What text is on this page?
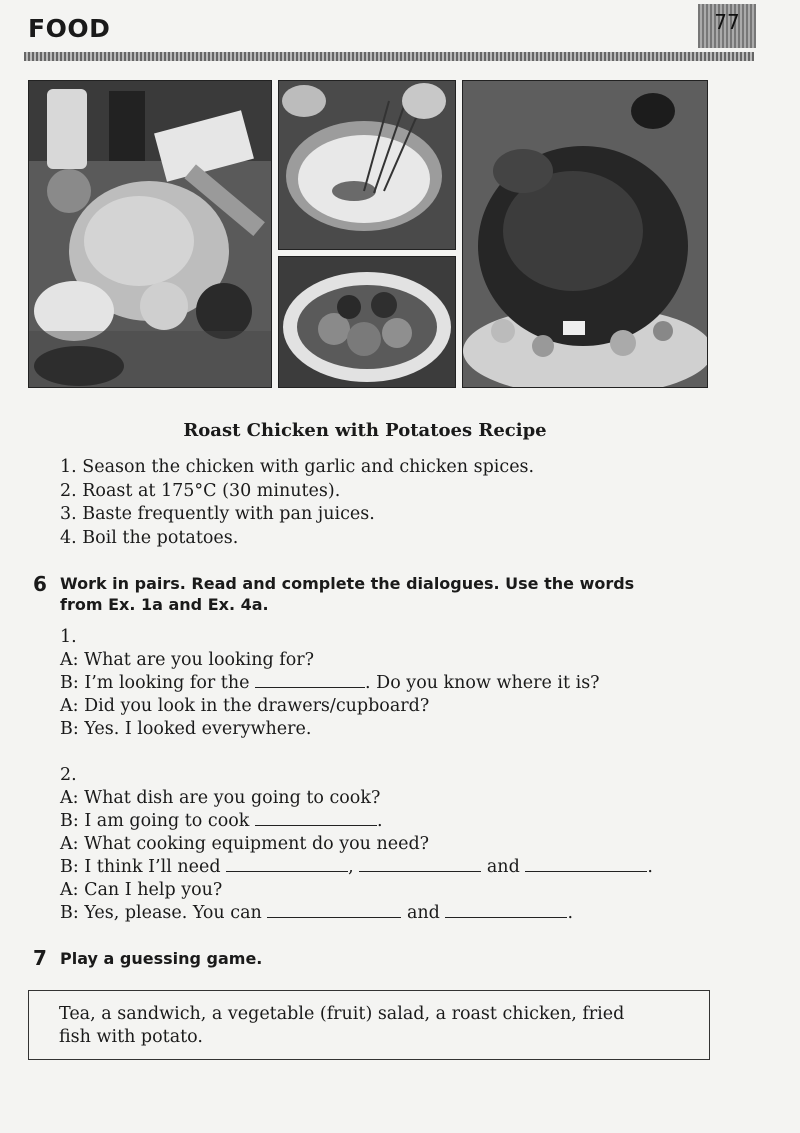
FOOD	77
Roast Chicken with Potatoes Recipe
1. Season the chicken with garlic and chicken spices.
2. Roast at 175°C (30 minutes).
3. Baste frequently with pan juices.
4. Boil the potatoes.
6 Work in pairs. Read and complete the dialogues. Use the words
from Ex. 1a and Ex. 4a.
1.
A: What are you looking for?
B: I’m looking for the	. Do you know where it is?
A: Did you look in the drawers/cupboard?
B: Yes. I looked everywhere.
2.
A: What dish are you going to cook?
B: I am going to cook	.
A: What cooking equipment do you need?
B: I think I’ll need	,	and	.
A: Can I help you?
B: Yes, please. You can	and	.
7 Play a guessing game.
Tea, a sandwich, a vegetable (fruit) salad, a roast chicken, fried
fish with potato.
